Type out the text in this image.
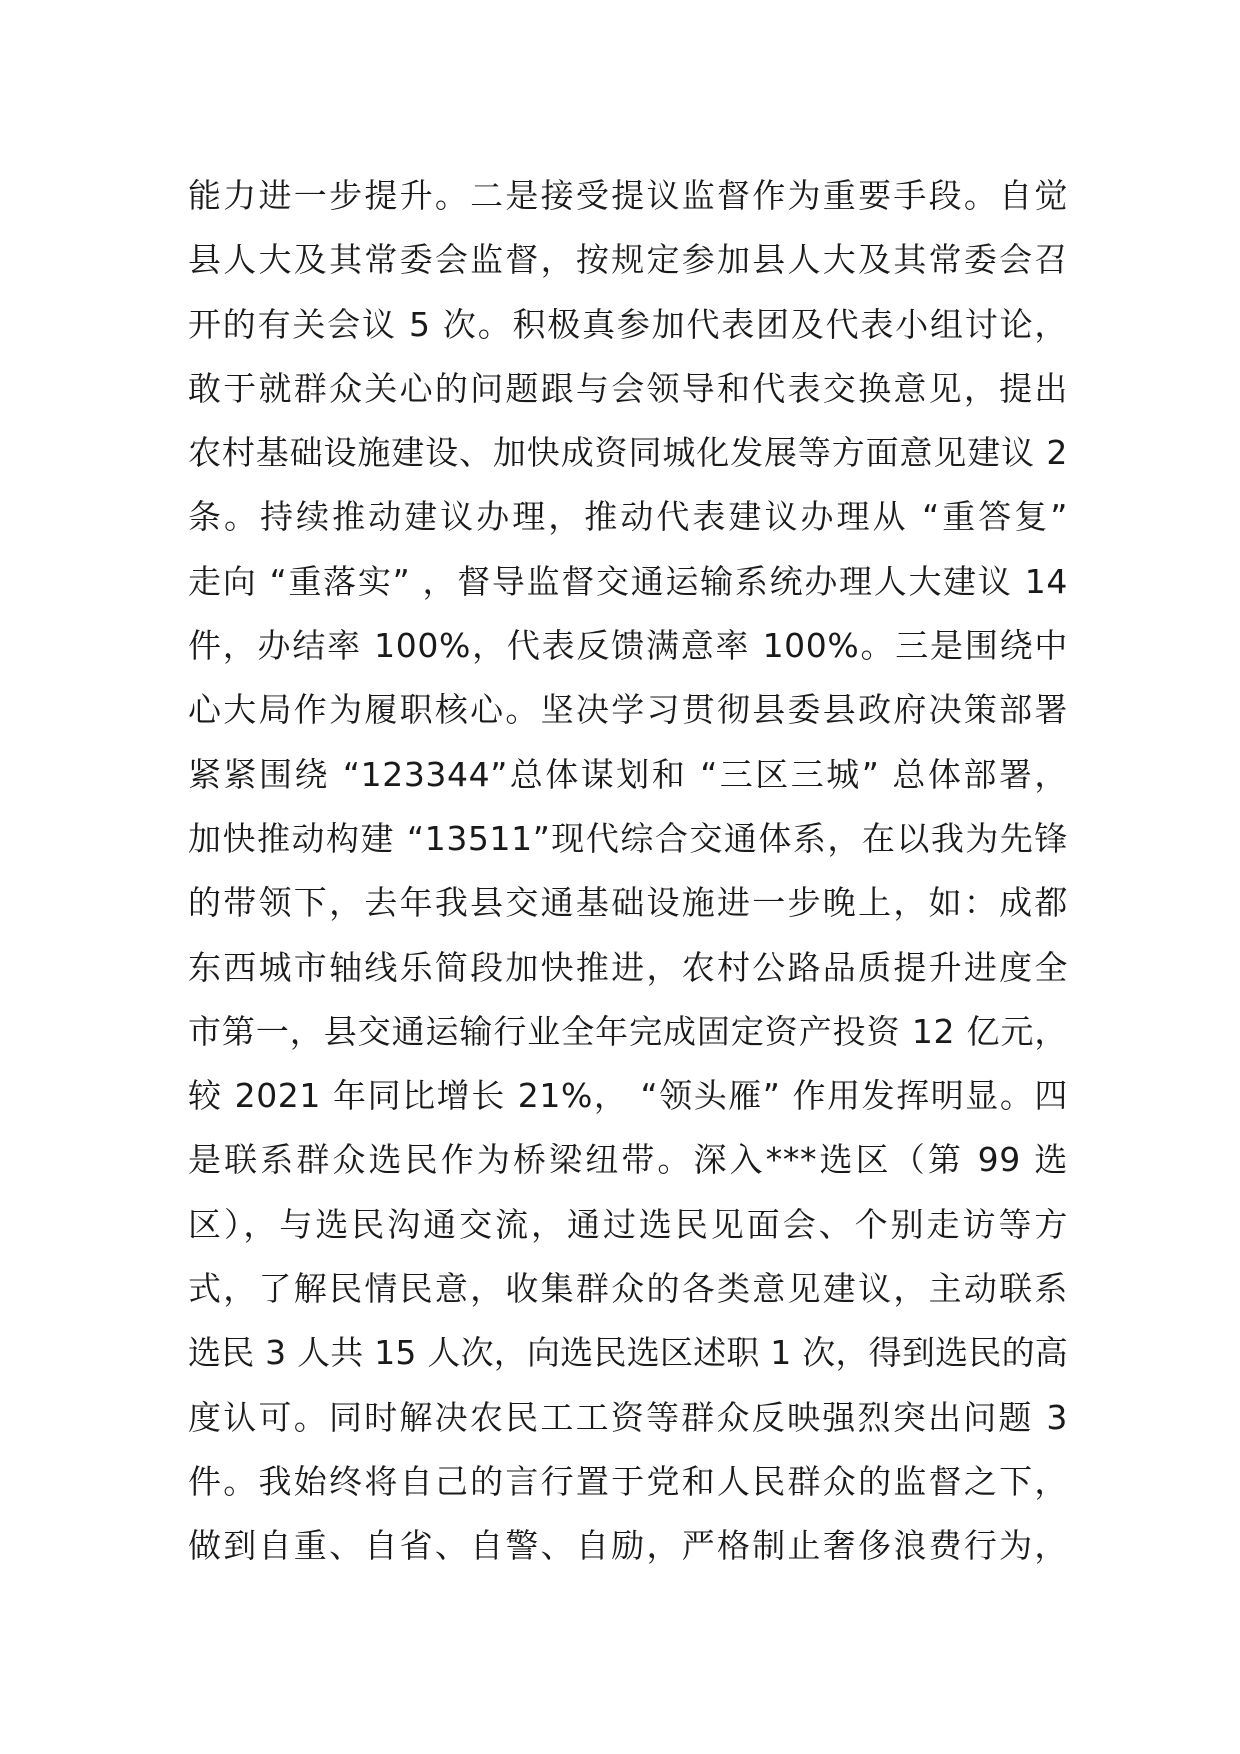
能力进一步提升。二是接受提议监督作为重要手段。自觉
县人大及其常委会监督，按规定参加县人大及其常委会召
开的有关会议 5 次。积极真参加代表团及代表小组讨论，
敢于就群众关心的问题跟与会领导和代表交换意见，提出
农村基础设施建设、加快成资同城化发展等方面意见建议 2
条。持续推动建议办理，推动代表建议办理从 “重答复”
走向 “重落实” ，督导监督交通运输系统办理人大建议 14
件，办结率 100%，代表反馈满意率 100%。三是围绕中
心大局作为履职核心。坚决学习贯彻县委县政府决策部署
紧紧围绕 “123344”总体谋划和 “三区三城” 总体部署，
加快推动构建 “13511”现代综合交通体系，在以我为先锋
的带领下，去年我县交通基础设施进一步晚上，如：成都
东西城市轴线乐简段加快推进，农村公路品质提升进度全
市第一，县交通运输行业全年完成固定资产投资 12 亿元，
较 2021 年同比增长 21%， “领头雁” 作用发挥明显。四
是联系群众选民作为桥梁纽带。深入***选区（第 99 选
区），与选民沟通交流，通过选民见面会、个别走访等方
式，了解民情民意，收集群众的各类意见建议，主动联系
选民 3 人共 15 人次，向选民选区述职 1 次，得到选民的高
度认可。同时解决农民工工资等群众反映强烈突出问题 3
件。我始终将自己的言行置于党和人民群众的监督之下，
做到自重、自省、自警、自励，严格制止奢侈浪费行为，
